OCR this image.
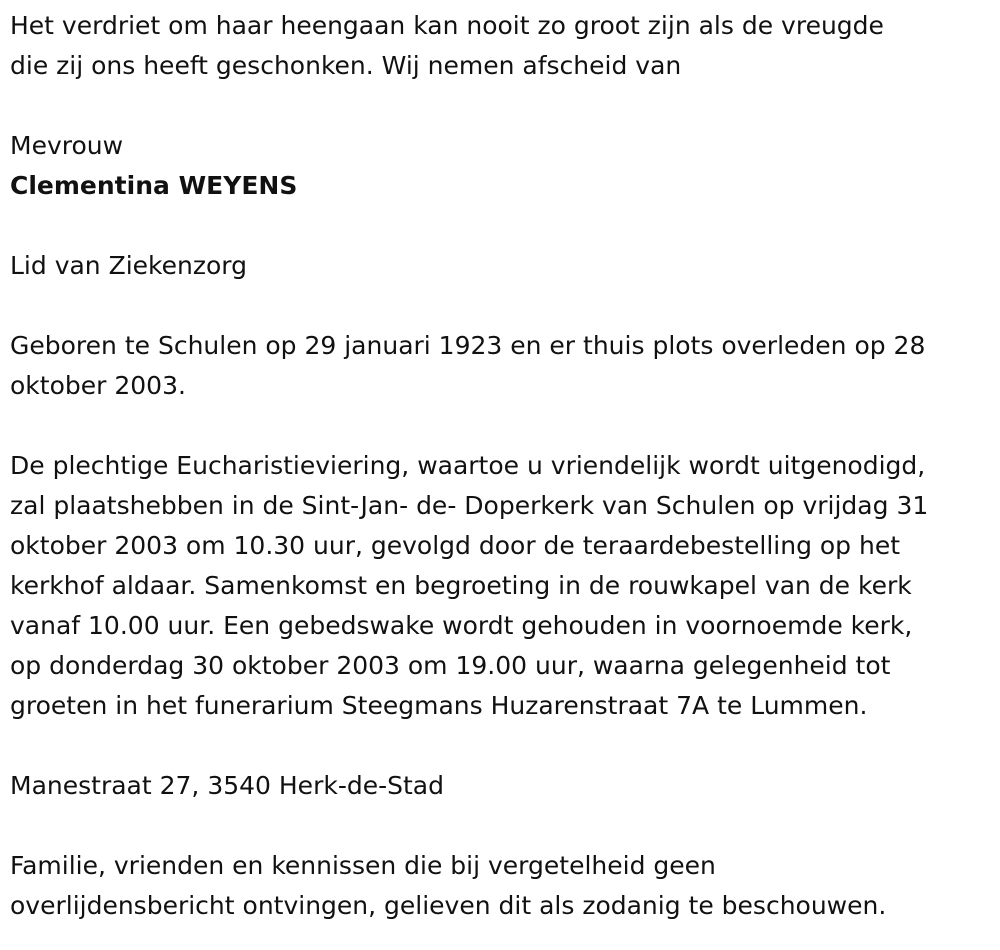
Het verdriet om haar heengaan kan nooit zo groot zijn als de vreugde
die zij ons heeft geschonken. Wij nemen afscheid van
Mevrouw
Clementina WEYENS
Lid van Ziekenzorg
Geboren te Schulen op 29 januari 1923 en er thuis plots overleden op 28
oktober 2003.
De plechtige Eucharistieviering, waartoe u vriendelijk wordt uitgenodigd,
zal plaatshebben in de Sint-Jan- de- Doperkerk van Schulen op vrijdag 31
oktober 2003 om 10.30 uur, gevolgd door de teraardebestelling op het
kerkhof aldaar. Samenkomst en begroeting in de rouwkapel van de kerk
vanaf 10.00 uur. Een gebedswake wordt gehouden in voornoemde kerk,
op donderdag 30 oktober 2003 om 19.00 uur, waarna gelegenheid tot
groeten in het funerarium Steegmans Huzarenstraat 7A te Lummen.
Manestraat 27, 3540 Herk-de-Stad
Familie, vrienden en kennissen die bij vergetelheid geen
overlijdensbericht ontvingen, gelieven dit als zodanig te beschouwen.
